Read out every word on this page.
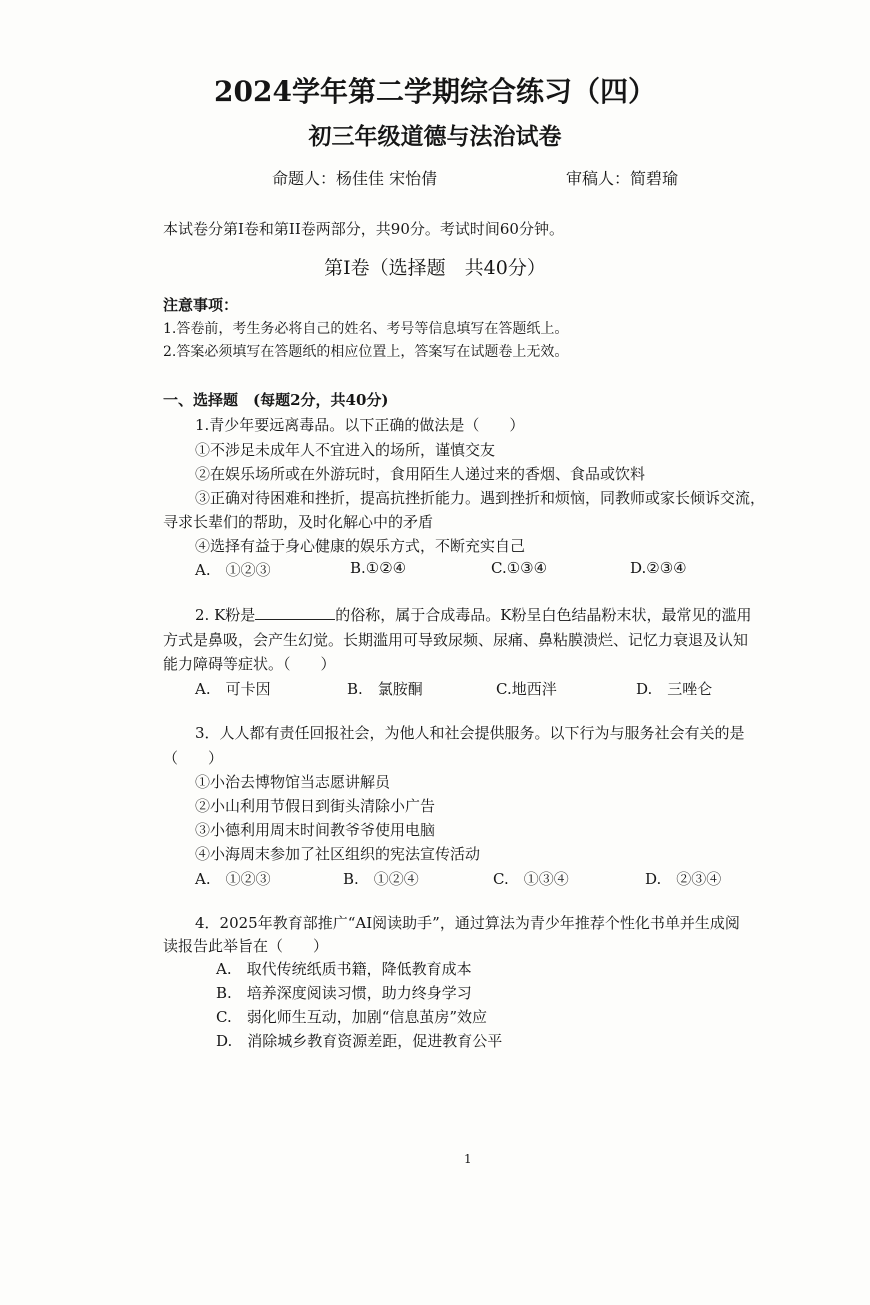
2024学年第二学期综合练习（四）
初三年级道德与法治试卷
命题人：杨佳佳 宋怡倩	审稿人：简碧瑜
本试卷分第I卷和第II卷两部分，共90分。考试时间60分钟。
第I卷（选择题　共40分）
注意事项：
1.答卷前，考生务必将自己的姓名、考号等信息填写在答题纸上。
2.答案必须填写在答题纸的相应位置上，答案写在试题卷上无效。
一、选择题　(每题2分，共40分)
1.青少年要远离毒品。以下正确的做法是（　　）
①不涉足未成年人不宜进入的场所，谨慎交友
②在娱乐场所或在外游玩时，食用陌生人递过来的香烟、食品或饮料
③正确对待困难和挫折，提高抗挫折能力。遇到挫折和烦恼，同教师或家长倾诉交流，
寻求长辈们的帮助，及时化解心中的矛盾
④选择有益于身心健康的娱乐方式，不断充实自己
A.　①②③	B.①②④	C.①③④	D.②③④
2. K粉是	的俗称，属于合成毒品。K粉呈白色结晶粉末状，最常见的滥用
方式是鼻吸，会产生幻觉。长期滥用可导致尿频、尿痛、鼻粘膜溃烂、记忆力衰退及认知
能力障碍等症状。（　　）
A.　可卡因	B.　氯胺酮	C.地西泮	D.　三唑仑
3．人人都有责任回报社会，为他人和社会提供服务。以下行为与服务社会有关的是
（　　）
①小治去博物馆当志愿讲解员
②小山利用节假日到街头清除小广告
③小德利用周末时间教爷爷使用电脑
④小海周末参加了社区组织的宪法宣传活动
A.　①②③	B.　①②④	C.　①③④	D.　②③④
4．2025年教育部推广“AI阅读助手”，通过算法为青少年推荐个性化书单并生成阅
读报告此举旨在（　　）
A.　取代传统纸质书籍，降低教育成本
B.　培养深度阅读习惯，助力终身学习
C.　弱化师生互动，加剧“信息茧房”效应
D.　消除城乡教育资源差距，促进教育公平
1
